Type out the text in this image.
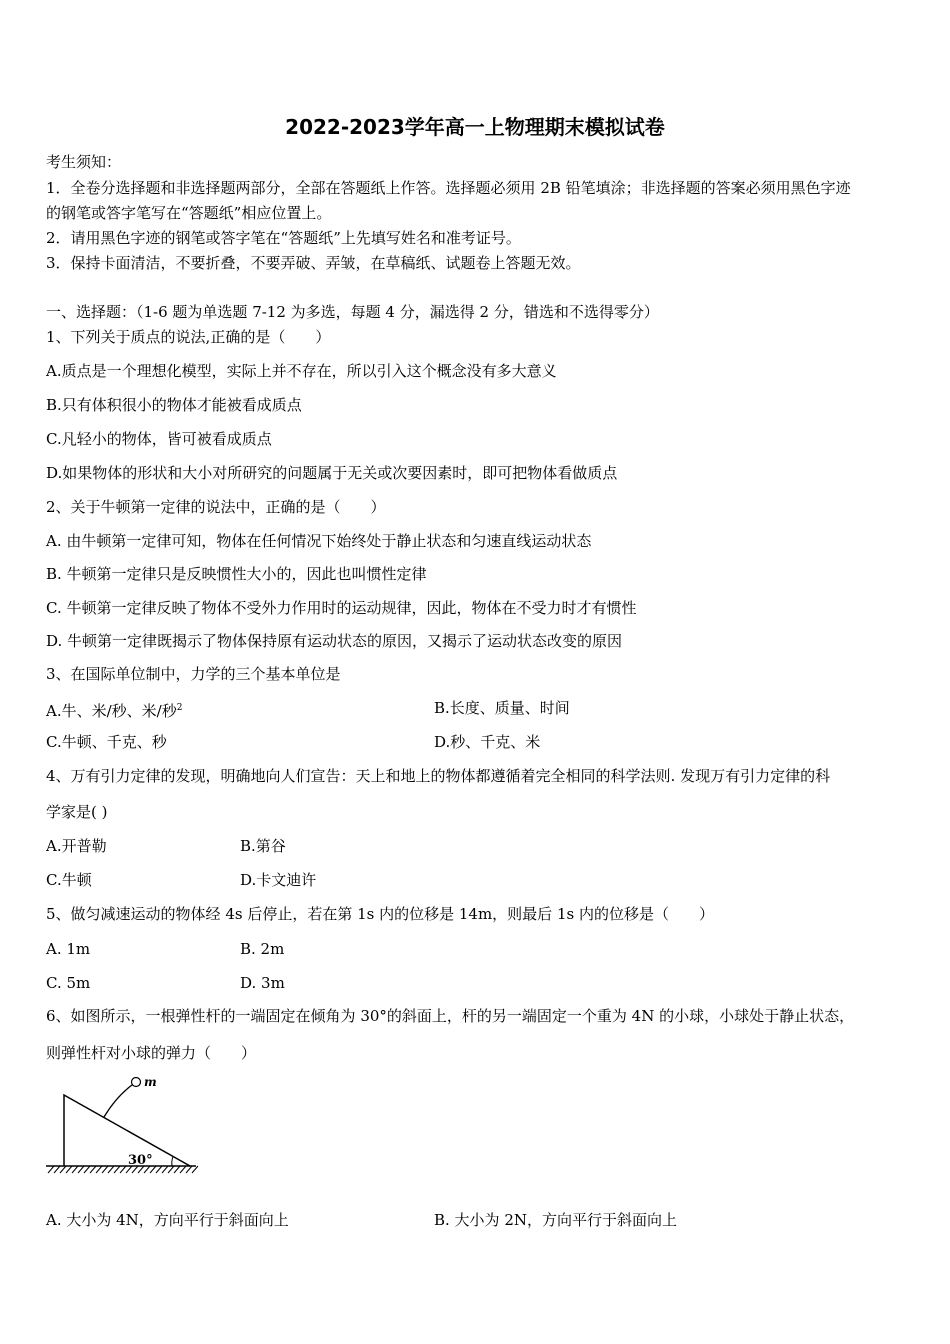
2022-2023学年高一上物理期末模拟试卷
考生须知：
1．全卷分选择题和非选择题两部分，全部在答题纸上作答。选择题必须用 2B 铅笔填涂；非选择题的答案必须用黑色字迹
的钢笔或答字笔写在“答题纸”相应位置上。
2．请用黑色字迹的钢笔或答字笔在“答题纸”上先填写姓名和准考证号。
3．保持卡面清洁，不要折叠，不要弄破、弄皱，在草稿纸、试题卷上答题无效。
一、选择题：（1-6 题为单选题 7-12 为多选，每题 4 分，漏选得 2 分，错选和不选得零分）
1、下列关于质点的说法,正确的是（　　）
A.质点是一个理想化模型，实际上并不存在，所以引入这个概念没有多大意义
B.只有体积很小的物体才能被看成质点
C.凡轻小的物体，皆可被看成质点
D.如果物体的形状和大小对所研究的问题属于无关或次要因素时，即可把物体看做质点
2、关于牛顿第一定律的说法中，正确的是（　　）
A. 由牛顿第一定律可知，物体在任何情况下始终处于静止状态和匀速直线运动状态
B. 牛顿第一定律只是反映惯性大小的，因此也叫惯性定律
C. 牛顿第一定律反映了物体不受外力作用时的运动规律，因此，物体在不受力时才有惯性
D. 牛顿第一定律既揭示了物体保持原有运动状态的原因，又揭示了运动状态改变的原因
3、在国际单位制中，力学的三个基本单位是
A.牛、米/秒、米/秒$^2$	B.长度、质量、时间
C.牛顿、千克、秒	D.秒、千克、米
4、万有引力定律的发现，明确地向人们宣告：天上和地上的物体都遵循着完全相同的科学法则. 发现万有引力定律的科
学家是( )
A.开普勒	B.第谷
C.牛顿	D.卡文迪许
5、做匀减速运动的物体经 4s 后停止，若在第 1s 内的位移是 14m，则最后 1s 内的位移是（　　）
A. 1m	B. 2m
C. 5m	D. 3m
6、如图所示，一根弹性杆的一端固定在倾角为 30°的斜面上，杆的另一端固定一个重为 4N 的小球，小球处于静止状态，
则弹性杆对小球的弹力（　　）
m
30°
A. 大小为 4N，方向平行于斜面向上	B. 大小为 2N，方向平行于斜面向上
